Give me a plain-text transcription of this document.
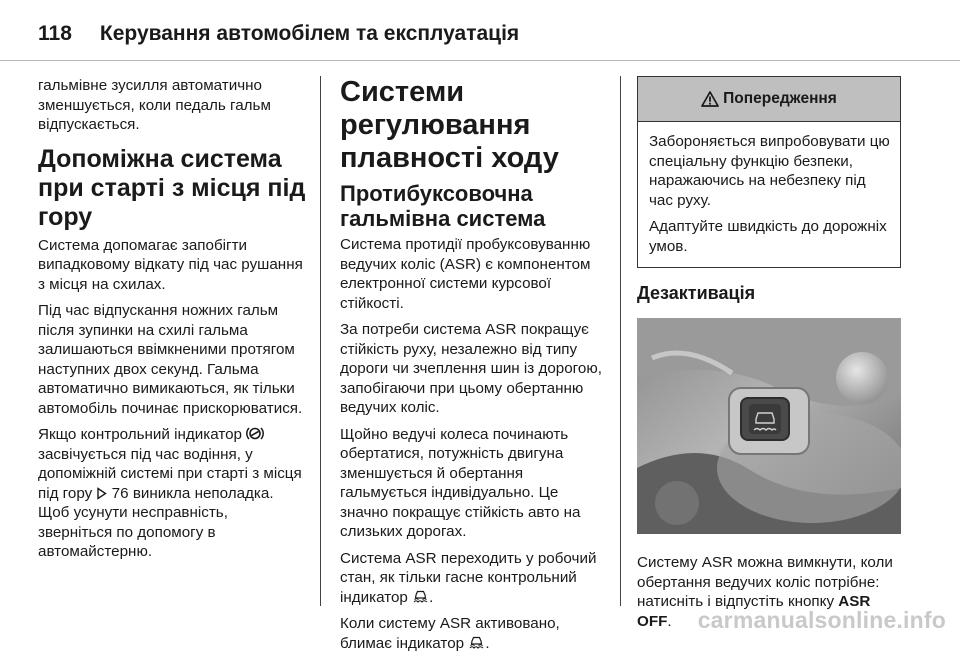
118 Керування автомобілем та експлуатація

гальмівне зусилля автоматично зменшується, коли педаль гальм відпускається.

Допоміжна система при старті з місця під гору

Система допомагає запобігти випадковому відкату під час рушання з місця на схилах.

Під час відпускання ножних гальм після зупинки на схилі гальма залишаються ввімкненими протягом наступних двох секунд. Гальма автоматично вимикаються, як тільки автомобіль починає прискорюватися.

Якщо контрольний індикатор  засвічується під час водіння, у допоміжній системі при старті з місця під гору 76 виникла неполадка. Щоб усунути несправність, зверніться по допомогу в автомайстерню.

Системи регулювання плавності ходу
Протибуксовочна гальмівна система

Система протидії пробуксовуванню ведучих коліс (ASR) є компонентом електронної системи курсової стійкості.

За потреби система ASR покращує стійкість руху, незалежно від типу дороги чи зчеплення шин із дорогою, запобігаючи при цьому обертанню ведучих коліс.

Щойно ведучі колеса починають обертатися, потужність двигуна зменшується й обертання гальмується індивідуально. Це значно покращує стійкість авто на слизьких дорогах.

Система ASR переходить у робочий стан, як тільки гасне контрольний індикатор .

Коли систему ASR активовано, блимає індикатор .

Попередження

Забороняється випробовувати цю спеціальну функцію безпеки, наражаючись на небезпеку під час руху.

Адаптуйте швидкість до дорожніх умов.

Дезактивація

Систему ASR можна вимкнути, коли обертання ведучих коліс потрібне: натисніть і відпустіть кнопку ASR OFF.	carmanualsonline.info
